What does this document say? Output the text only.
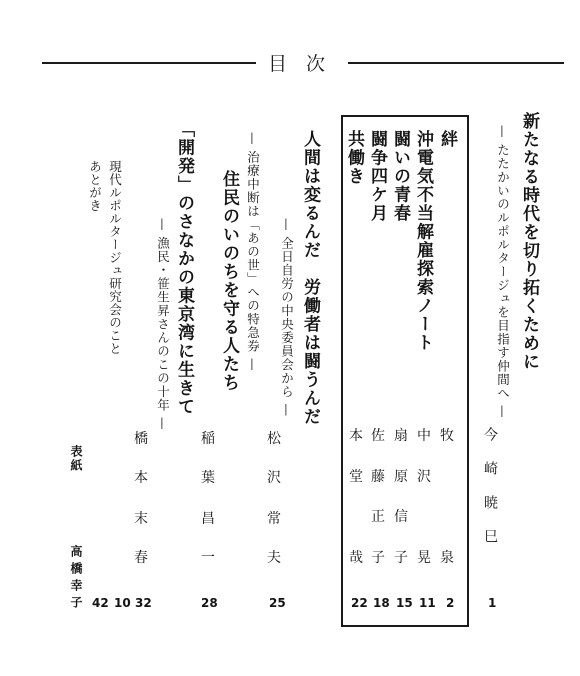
目　次
新たなる時代を切り拓くために
— たたかいのルポルタージュを目指す仲間へ —
今崎暁巳
1
絆
沖電気不当解雇探索ノート
闘いの青春
闘争四ケ月
共働き
牧
泉
中
沢
晃
扇
原
信
子
佐
藤
正
子
本
堂
哉
22 18 15 11 2
人間は変るんだ　労働者は闘うんだ
— 全日自労の中央委員会から —
松
沢
常
夫
25
— 治療中断は「あの世」への特急券 —
住民のいのちを守る人たち
稲
葉
昌
一
28
「開発」のさなかの東京湾に生きて
— 漁民・笹生昇さんのこの十年 —
橋
本
末
春
32
現代ルポルタージュ研究会のこと
あとがき
10
42
表紙
高橋幸子
